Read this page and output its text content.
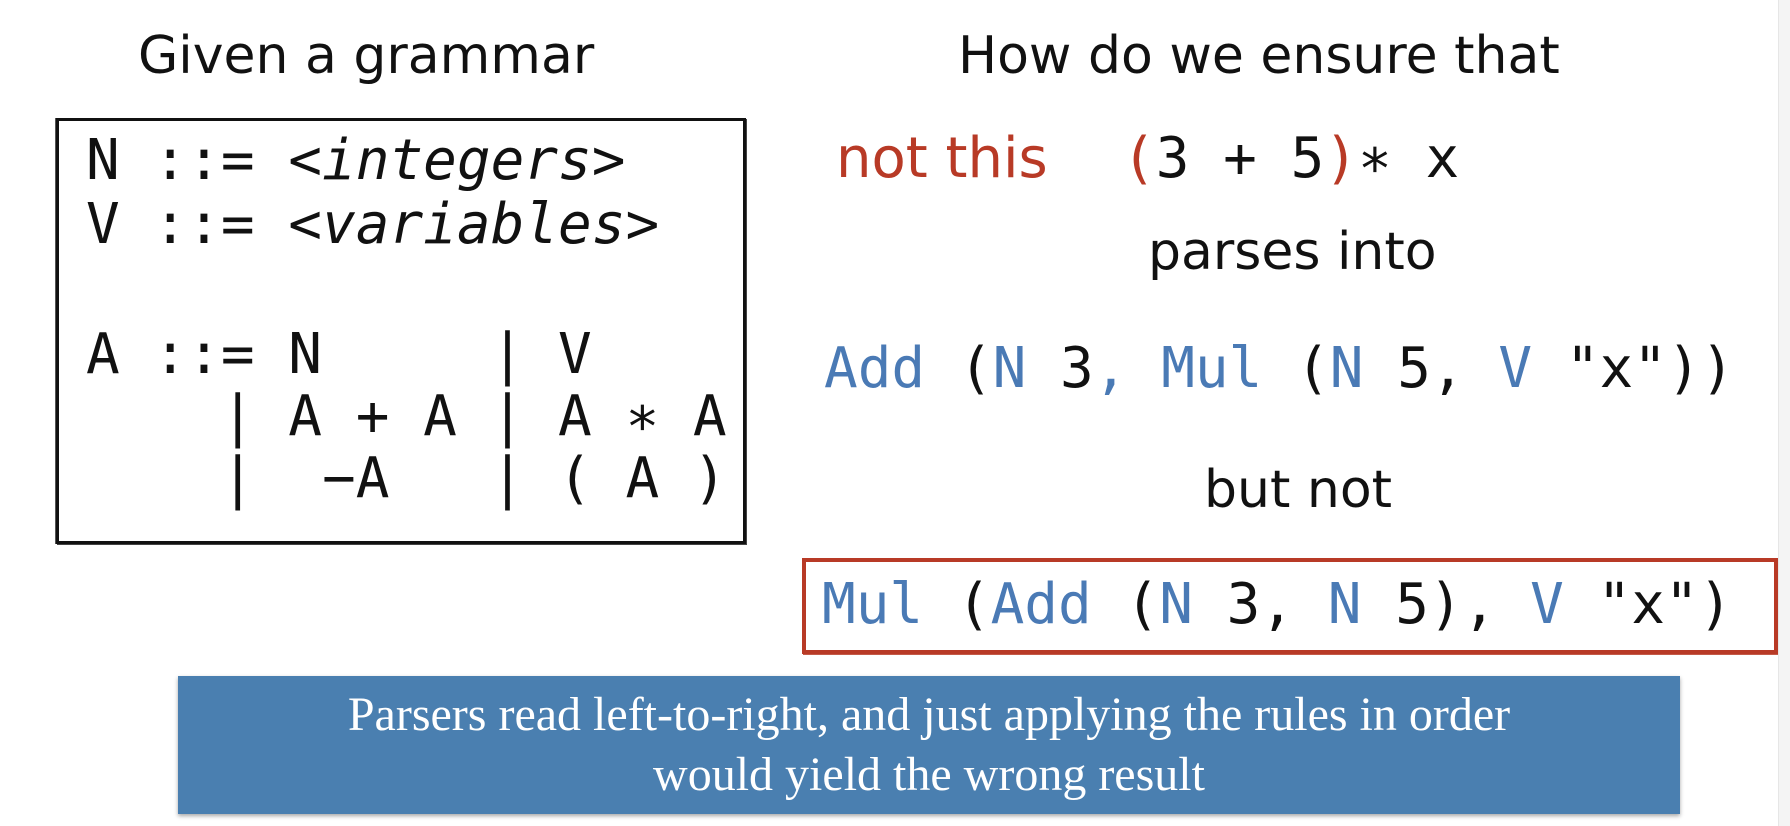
Given a grammar
N ::= <integers>
V ::= <variables>
A ::= N     | V
| A + A | A ∗ A
|  −A   | ( A )
How do we ensure that
not this (3 + 5)∗ x
parses into
Add (N 3, Mul (N 5, V "x"))
but not
Mul (Add (N 3, N 5), V "x")
Parsers read left-to-right, and just applying the rules in order
would yield the wrong result
